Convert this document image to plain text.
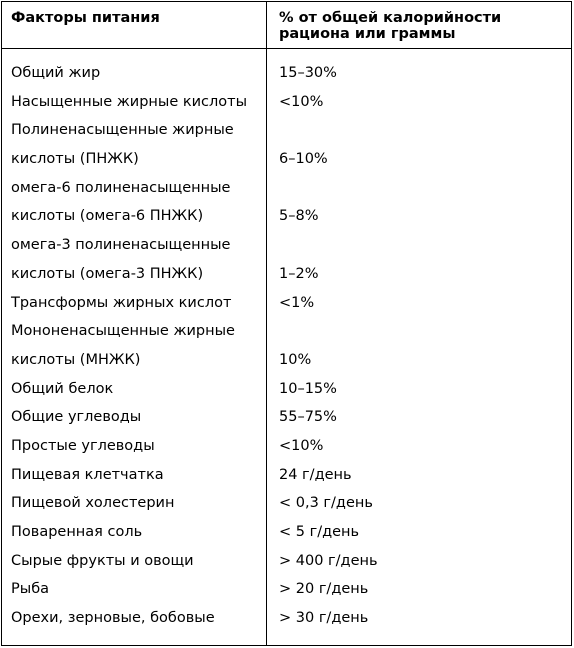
Факторы питания	% от общей калорийности рациона или граммы
Общий жир	15–30%
Насыщенные жирные кислоты <10%
Полиненасыщенные жирные
кислоты (ПНЖК)	6–10%
омега-6 полиненасыщенные
кислоты (омега-6 ПНЖК)	5–8%
омега-3 полиненасыщенные
кислоты (омега-3 ПНЖК)	1–2%
Трансформы жирных кислот	<1%
Мононенасыщенные жирные
кислоты (МНЖК)	10%
Общий белок	10–15%
Общие углеводы	55–75%
Простые углеводы	<10%
Пищевая клетчатка	24 г/день
Пищевой холестерин	< 0,3 г/день
Поваренная соль	< 5 г/день
Сырые фрукты и овощи	> 400 г/день
Рыба	> 20 г/день
Орехи, зерновые, бобовые	> 30 г/день
